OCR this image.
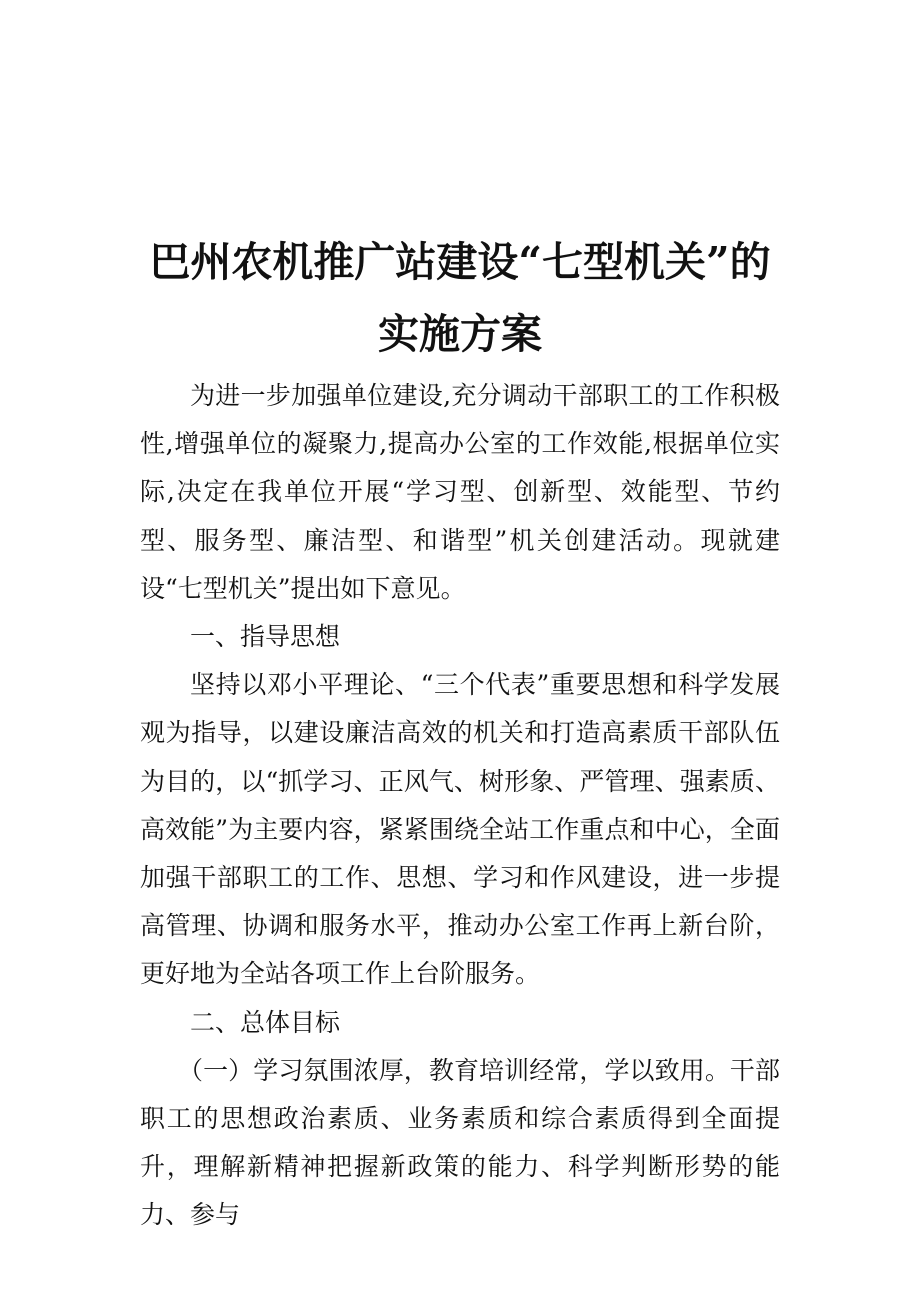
巴州农机推广站建设“七型机关”的
实施方案

为进一步加强单位建设,充分调动干部职工的工作积极性,增强单位的凝聚力,提高办公室的工作效能,根据单位实际,决定在我单位开展“学习型、创新型、效能型、节约型、服务型、廉洁型、和谐型”机关创建活动。现就建设“七型机关”提出如下意见。

一、指导思想

坚持以邓小平理论、“三个代表”重要思想和科学发展观为指导，以建设廉洁高效的机关和打造高素质干部队伍为目的，以“抓学习、正风气、树形象、严管理、强素质、高效能”为主要内容，紧紧围绕全站工作重点和中心，全面加强干部职工的工作、思想、学习和作风建设，进一步提高管理、协调和服务水平，推动办公室工作再上新台阶，更好地为全站各项工作上台阶服务。

二、总体目标

（一）学习氛围浓厚，教育培训经常，学以致用。干部职工的思想政治素质、业务素质和综合素质得到全面提升，理解新精神把握新政策的能力、科学判断形势的能力、参与
